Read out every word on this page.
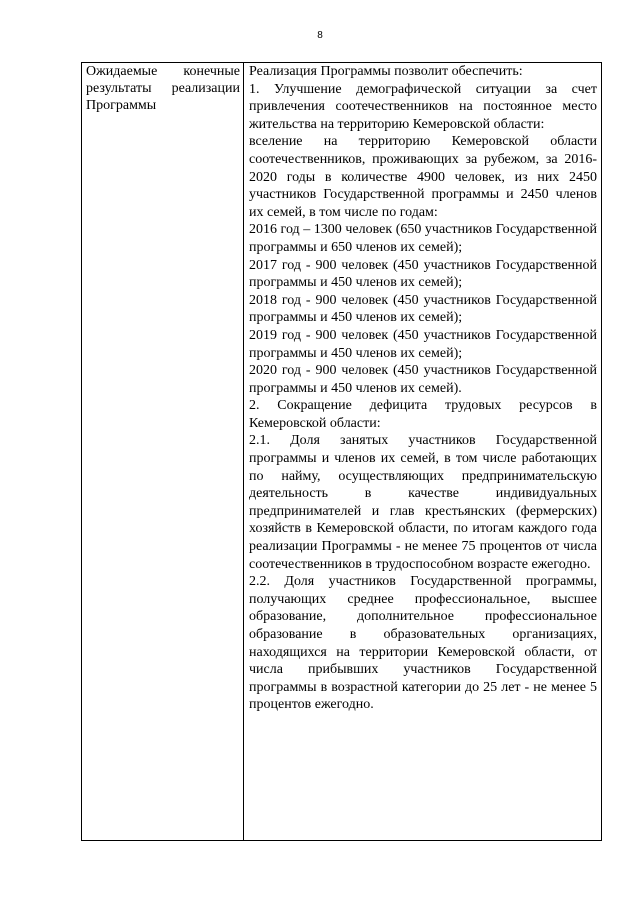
8

Ожидаемые конечные результаты реализации Программы

Реализация Программы позволит обеспечить:

1. Улучшение демографической ситуации за счет привлечения соотечественников на постоянное место жительства на территорию Кемеровской области:

вселение на территорию Кемеровской области соотечественников, проживающих за рубежом, за 2016-2020 годы в количестве 4900 человек, из них 2450 участников Государственной программы и 2450 членов их семей, в том числе по годам:

2016 год – 1300 человек (650 участников Государственной программы и 650 членов их семей);

2017 год - 900 человек (450 участников Государственной программы и 450 членов их семей);

2018 год - 900 человек (450 участников Государственной программы и 450 членов их семей);

2019 год - 900 человек (450 участников Государственной программы и 450 членов их семей);

2020 год - 900 человек (450 участников Государственной программы и 450 членов их семей).

2. Сокращение дефицита трудовых ресурсов в Кемеровской области:

2.1. Доля занятых участников Государственной программы и членов их семей, в том числе работающих по найму, осуществляющих предпринимательскую деятельность в качестве индивидуальных предпринимателей и глав крестьянских (фермерских) хозяйств в Кемеровской области, по итогам каждого года реализации Программы - не менее 75 процентов от числа соотечественников в трудоспособном возрасте ежегодно.

2.2. Доля участников Государственной программы, получающих среднее профессиональное, высшее образование, дополнительное профессиональное образование в образовательных организациях, находящихся на территории Кемеровской области, от числа прибывших участников Государственной программы в возрастной категории до 25 лет - не менее 5 процентов ежегодно.
